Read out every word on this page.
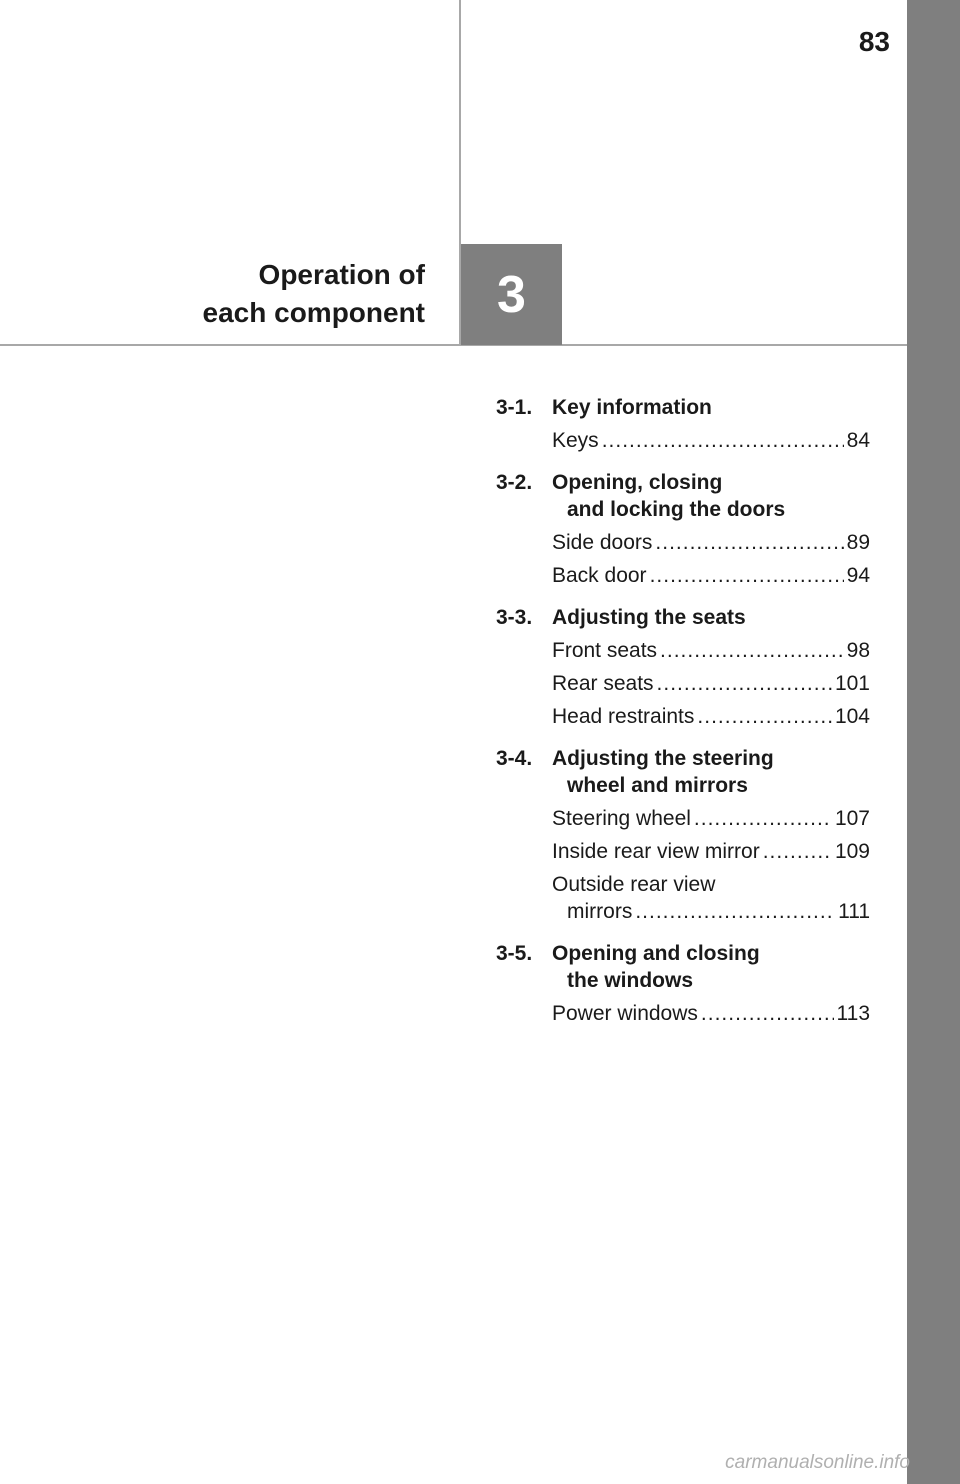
83
Operation of
each component	3
3-1. Key information
Keys .....	84
3-2. Opening, closing
and locking the doors
Side doors .....	89
Back door .....	94
3-3. Adjusting the seats
Front seats .....	98
Rear seats .....	101
Head restraints .....	104
3-4. Adjusting the steering
wheel and mirrors
Steering wheel .....	107
Inside rear view mirror .....	109
Outside rear view
mirrors .....	111
3-5. Opening and closing
the windows
Power windows .....	113
carmanualsonline.info
